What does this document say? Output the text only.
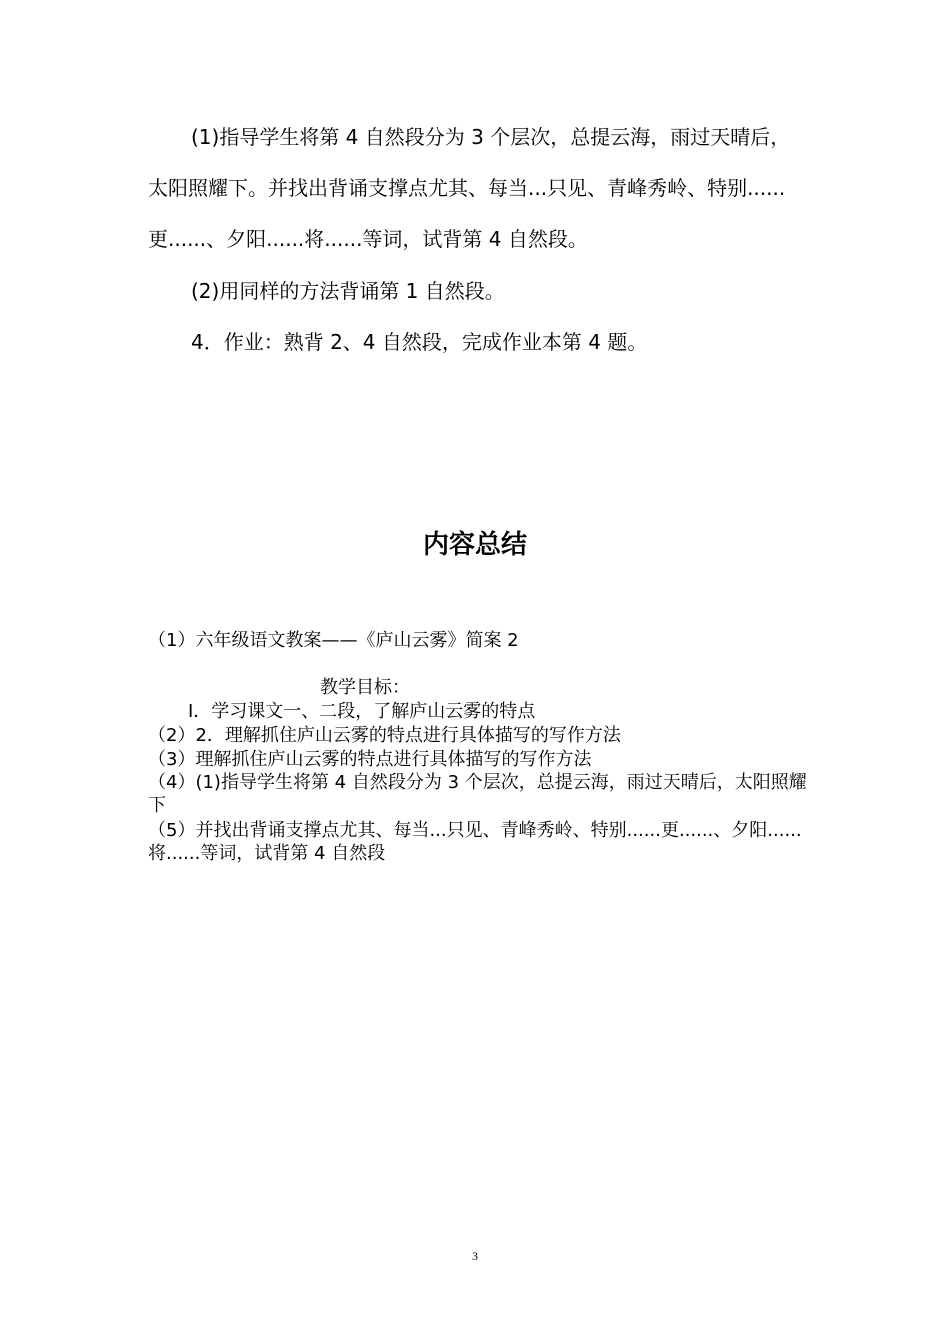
(1)指导学生将第 4 自然段分为 3 个层次，总提云海，雨过天晴后，太阳照耀下。并找出背诵支撑点尤其、每当...只见、青峰秀岭、特别......更......、夕阳......将......等词，试背第 4 自然段。

(2)用同样的方法背诵第 1 自然段。

4．作业：熟背 2、4 自然段，完成作业本第 4 题。

内容总结

（1）六年级语文教案——《庐山云雾》简案 2

教学目标：

I．学习课文一、二段，了解庐山云雾的特点

（2）2．理解抓住庐山云雾的特点进行具体描写的写作方法

（3）理解抓住庐山云雾的特点进行具体描写的写作方法

（4）(1)指导学生将第 4 自然段分为 3 个层次，总提云海，雨过天晴后，太阳照耀下

（5）并找出背诵支撑点尤其、每当...只见、青峰秀岭、特别......更......、夕阳......将......等词，试背第 4 自然段

3
